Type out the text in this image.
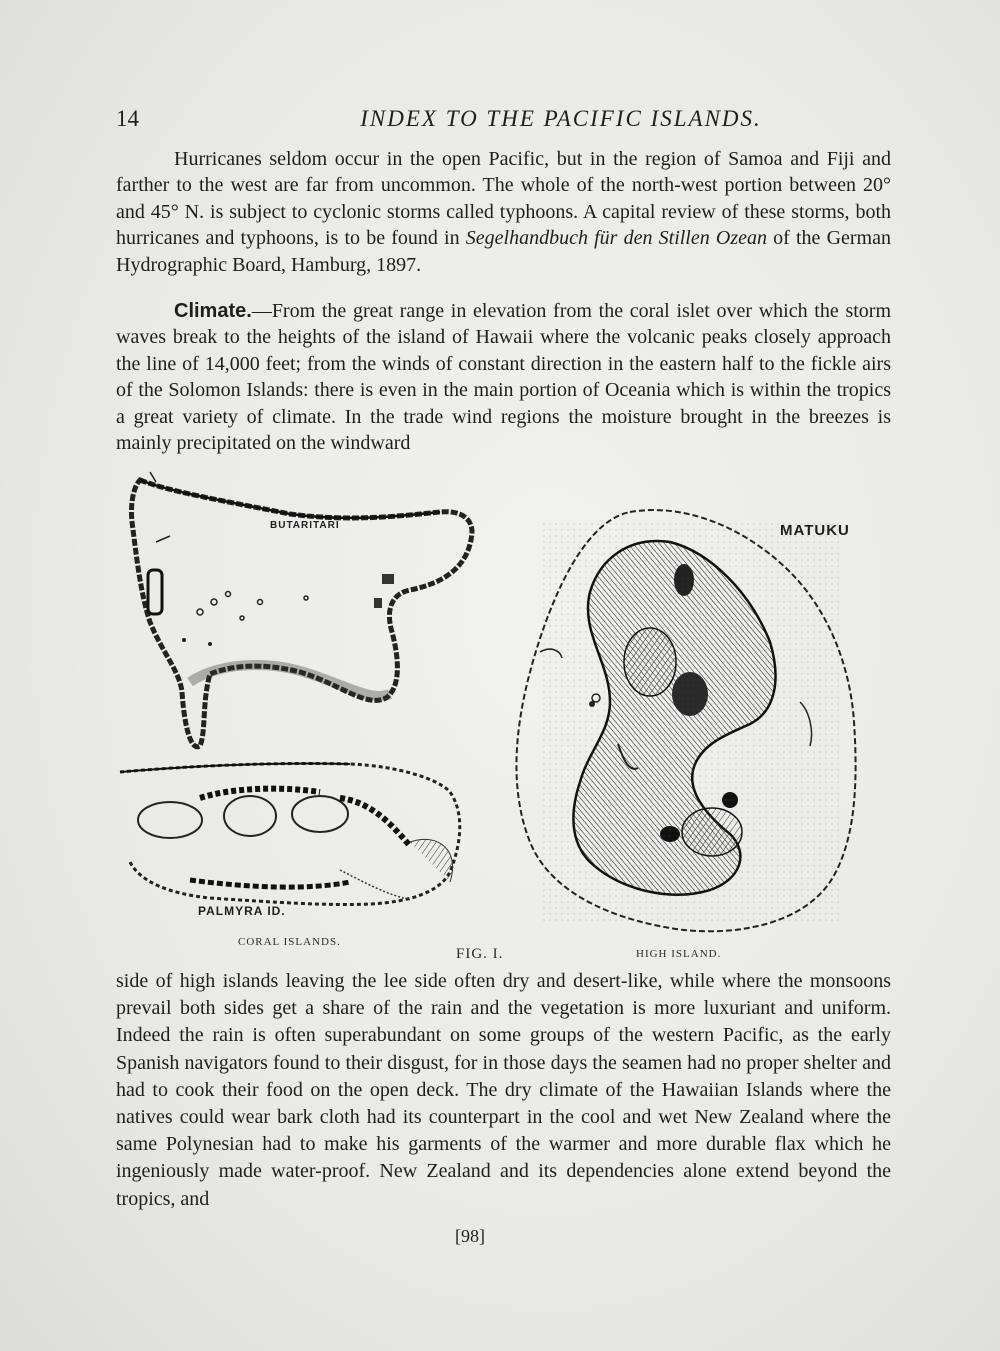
14	INDEX TO THE PACIFIC ISLANDS.

Hurricanes seldom occur in the open Pacific, but in the region of Samoa and Fiji and farther to the west are far from uncommon. The whole of the north-west portion between 20° and 45° N. is subject to cyclonic storms called typhoons. A capital review of these storms, both hurricanes and typhoons, is to be found in Segelhandbuch für den Stillen Ozean of the German Hydrographic Board, Hamburg, 1897.

Climate.—From the great range in elevation from the coral islet over which the storm waves break to the heights of the island of Hawaii where the volcanic peaks closely approach the line of 14,000 feet; from the winds of constant direction in the eastern half to the fickle airs of the Solomon Islands: there is even in the main portion of Oceania which is within the tropics a great variety of climate. In the trade wind regions the moisture brought in the breezes is mainly precipitated on the windward

BUTARITARI	MATUKU
PALMYRA ID.
CORAL ISLANDS.
FIG. I.	HIGH ISLAND.

side of high islands leaving the lee side often dry and desert-like, while where the monsoons prevail both sides get a share of the rain and the vegetation is more luxuriant and uniform. Indeed the rain is often superabundant on some groups of the western Pacific, as the early Spanish navigators found to their disgust, for in those days the seamen had no proper shelter and had to cook their food on the open deck. The dry climate of the Hawaiian Islands where the natives could wear bark cloth had its counterpart in the cool and wet New Zealand where the same Polynesian had to make his garments of the warmer and more durable flax which he ingeniously made water-proof. New Zealand and its dependencies alone extend beyond the tropics, and

[98]
